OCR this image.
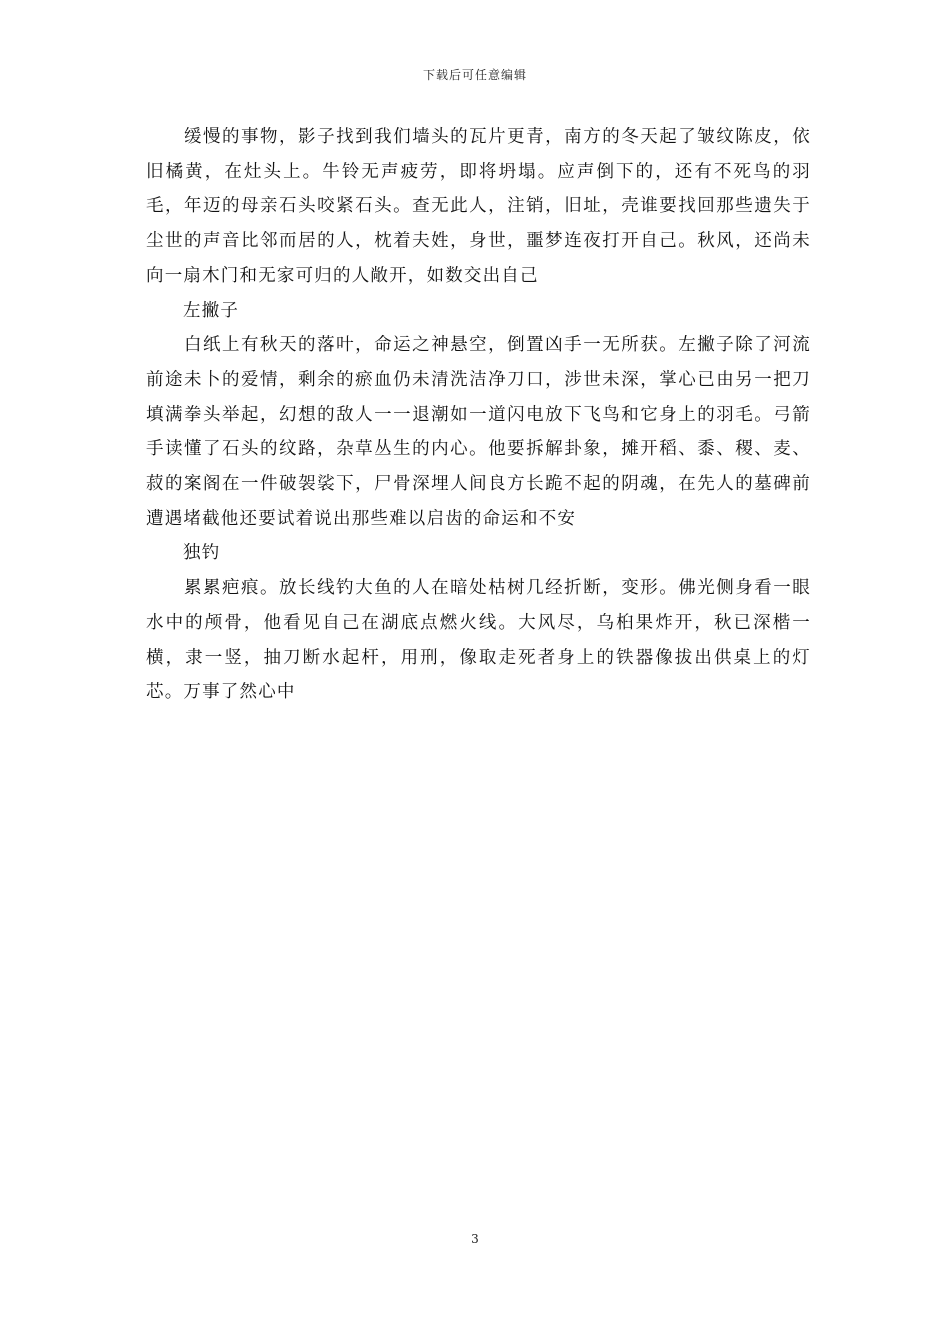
下载后可任意编辑

缓慢的事物，影子找到我们墙头的瓦片更青，南方的冬天起了皱纹陈皮，依旧橘黄，在灶头上。牛铃无声疲劳，即将坍塌。应声倒下的，还有不死鸟的羽毛，年迈的母亲石头咬紧石头。查无此人，注销，旧址，壳谁要找回那些遗失于尘世的声音比邻而居的人，枕着夫姓，身世，噩梦连夜打开自己。秋风，还尚未向一扇木门和无家可归的人敞开，如数交出自己

左撇子

白纸上有秋天的落叶，命运之神悬空，倒置凶手一无所获。左撇子除了河流前途未卜的爱情，剩余的瘀血仍未清洗洁净刀口，涉世未深，掌心已由另一把刀填满拳头举起，幻想的敌人一一退潮如一道闪电放下飞鸟和它身上的羽毛。弓箭手读懂了石头的纹路，杂草丛生的内心。他要拆解卦象，摊开稻、黍、稷、麦、菽的案阁在一件破袈裟下，尸骨深埋人间良方长跪不起的阴魂，在先人的墓碑前遭遇堵截他还要试着说出那些难以启齿的命运和不安

独钓

累累疤痕。放长线钓大鱼的人在暗处枯树几经折断，变形。佛光侧身看一眼水中的颅骨，他看见自己在湖底点燃火线。大风尽，乌桕果炸开，秋已深楷一横，隶一竖，抽刀断水起杆，用刑，像取走死者身上的铁器像拔出供桌上的灯芯。万事了然心中

3
